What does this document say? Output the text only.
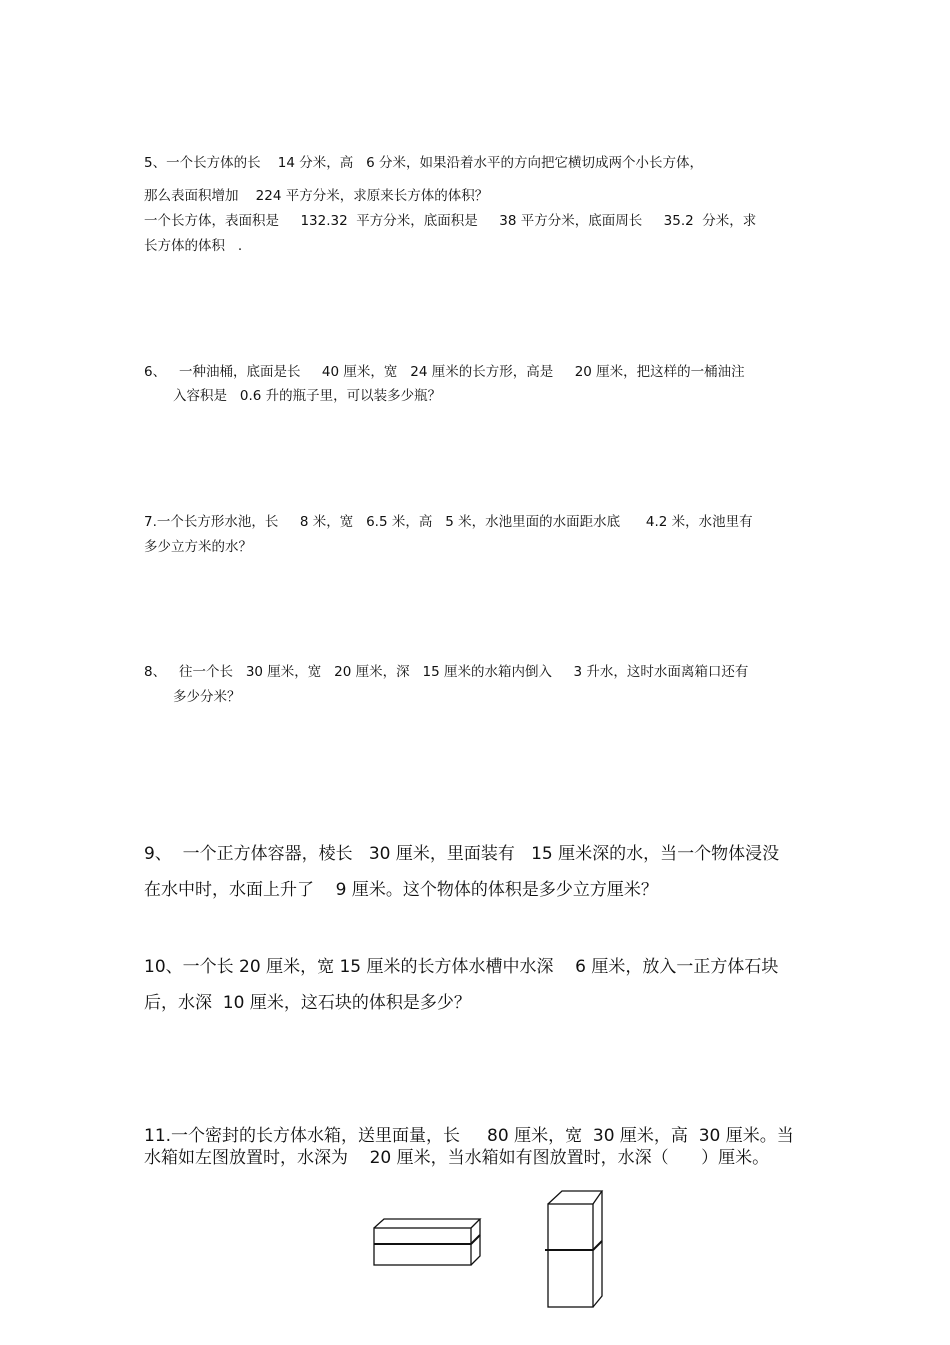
5、一个长方体的长    14 分米，高   6 分米，如果沿着水平的方向把它横切成两个小长方体，

那么表面积增加    224 平方分米，求原来长方体的体积？

一个长方体，表面积是     132.32  平方分米，底面积是     38 平方分米，底面周长     35.2  分米，求

长方体的体积   .

6、   一种油桶，底面是长     40 厘米，宽   24 厘米的长方形，高是     20 厘米，把这样的一桶油注

入容积是   0.6 升的瓶子里，可以装多少瓶？

7.一个长方形水池，长     8 米，宽   6.5 米，高   5 米，水池里面的水面距水底      4.2 米，水池里有

多少立方米的水？

8、   往一个长   30 厘米，宽   20 厘米，深   15 厘米的水箱内倒入     3 升水，这时水面离箱口还有

多少分米？

9、  一个正方体容器，棱长   30 厘米，里面装有   15 厘米深的水，当一个物体浸没

在水中时，水面上升了    9 厘米。这个物体的体积是多少立方厘米？

10、一个长 20 厘米，宽 15 厘米的长方体水槽中水深    6 厘米，放入一正方体石块

后，水深  10 厘米，这石块的体积是多少？

11.一个密封的长方体水箱，送里面量，长     80 厘米，宽  30 厘米，高  30 厘米。当

水箱如左图放置时，水深为    20 厘米，当水箱如有图放置时，水深（      ）厘米。
